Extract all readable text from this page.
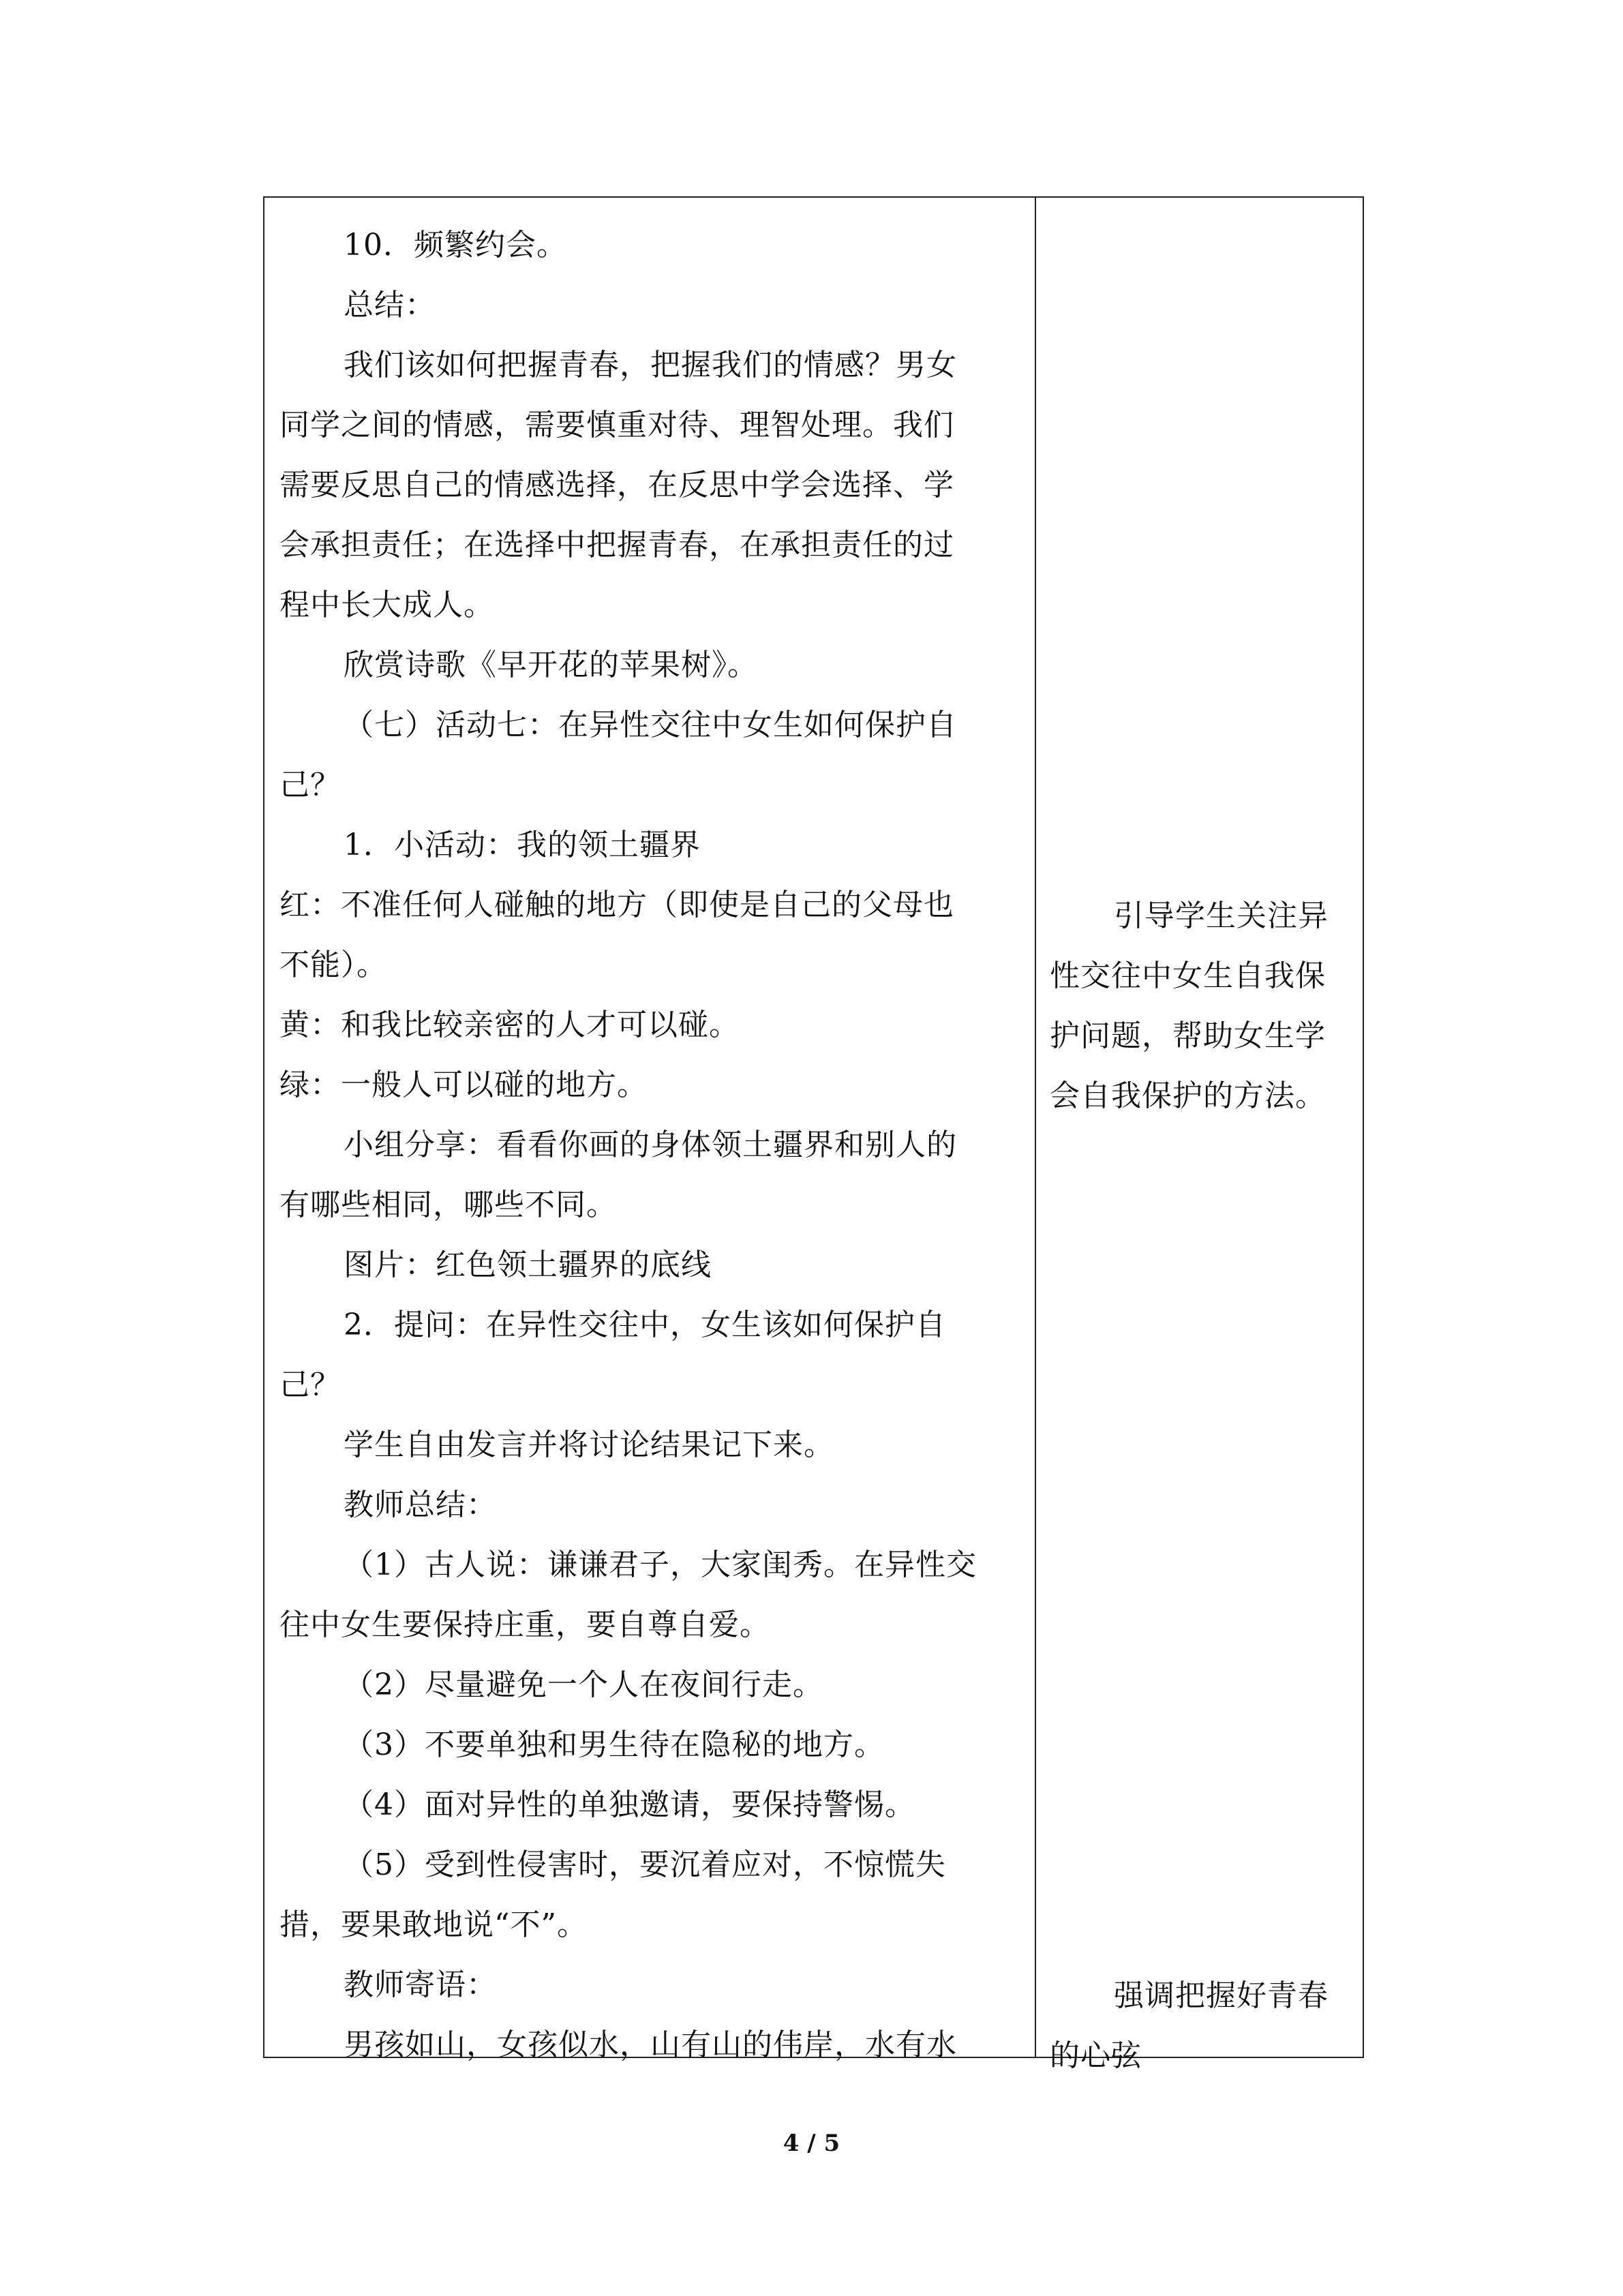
10．频繁约会。
总结：
我们该如何把握青春，把握我们的情感？男女
同学之间的情感，需要慎重对待、理智处理。我们
需要反思自己的情感选择，在反思中学会选择、学
会承担责任；在选择中把握青春，在承担责任的过
程中长大成人。
欣赏诗歌《早开花的苹果树》。
（七）活动七：在异性交往中女生如何保护自
己？
1．小活动：我的领土疆界
红：不准任何人碰触的地方（即使是自己的父母也
不能）。
黄：和我比较亲密的人才可以碰。
绿：一般人可以碰的地方。
小组分享：看看你画的身体领土疆界和别人的
有哪些相同，哪些不同。
图片：红色领土疆界的底线
2．提问：在异性交往中，女生该如何保护自
己？
学生自由发言并将讨论结果记下来。
教师总结：
（1）古人说：谦谦君子，大家闺秀。在异性交
往中女生要保持庄重，要自尊自爱。
（2）尽量避免一个人在夜间行走。
（3）不要单独和男生待在隐秘的地方。
（4）面对异性的单独邀请，要保持警惕。
（5）受到性侵害时，要沉着应对，不惊慌失
措，要果敢地说“不”。
教师寄语：
男孩如山，女孩似水，山有山的伟岸，水有水
引导学生关注异
性交往中女生自我保
护问题，帮助女生学
会自我保护的方法。
强调把握好青春
的心弦
4 / 5
